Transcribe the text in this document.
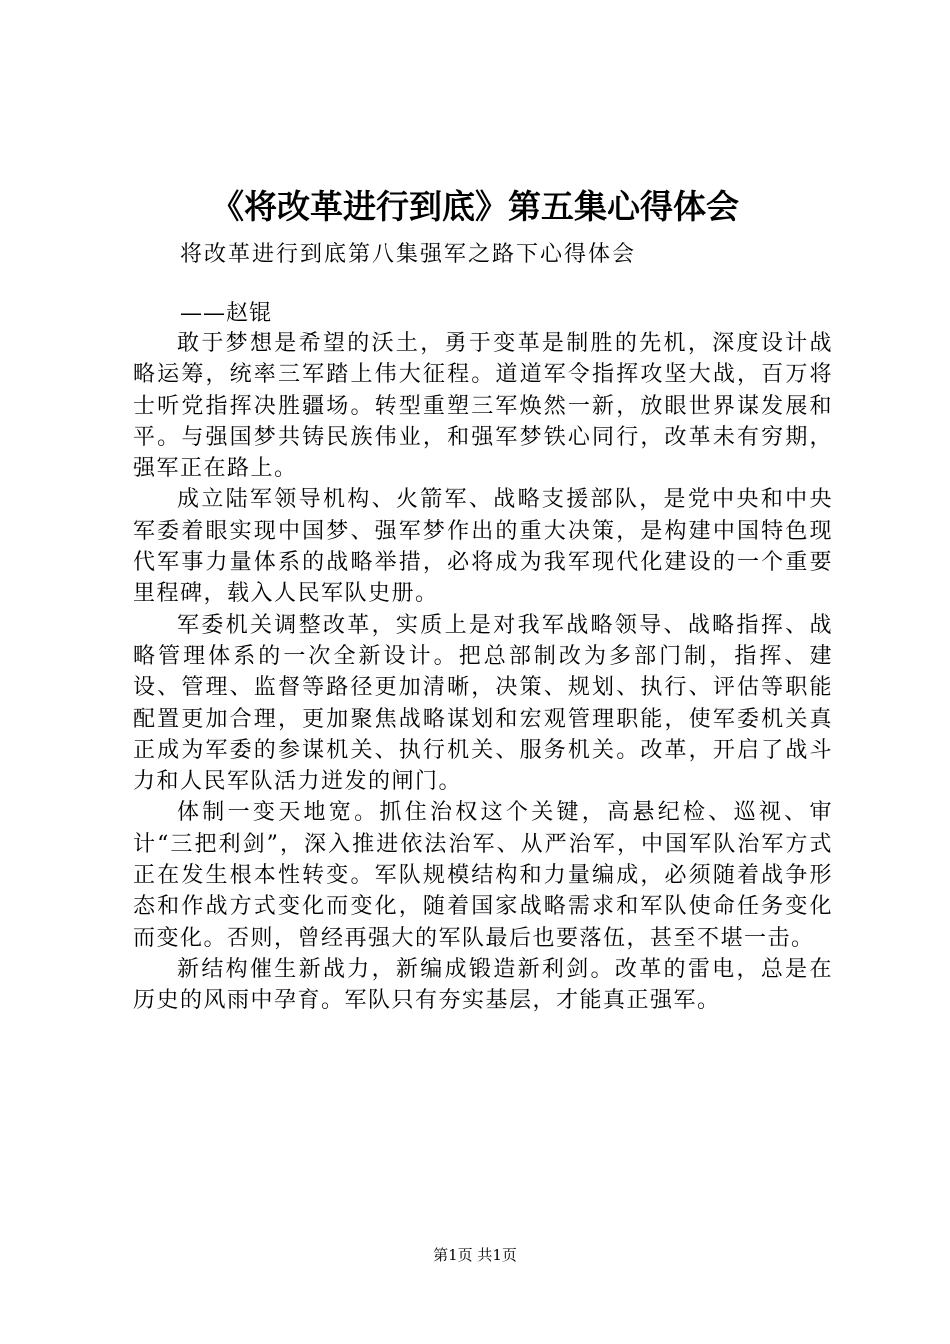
《将改革进行到底》第五集心得体会
将改革进行到底第八集强军之路下心得体会
——赵锟

敢于梦想是希望的沃土，勇于变革是制胜的先机，深度设计战略运筹，统率三军踏上伟大征程。道道军令指挥攻坚大战，百万将士听党指挥决胜疆场。转型重塑三军焕然一新，放眼世界谋发展和平。与强国梦共铸民族伟业，和强军梦铁心同行，改革未有穷期，强军正在路上。

成立陆军领导机构、火箭军、战略支援部队，是党中央和中央军委着眼实现中国梦、强军梦作出的重大决策，是构建中国特色现代军事力量体系的战略举措，必将成为我军现代化建设的一个重要里程碑，载入人民军队史册。

军委机关调整改革，实质上是对我军战略领导、战略指挥、战略管理体系的一次全新设计。把总部制改为多部门制，指挥、建设、管理、监督等路径更加清晰，决策、规划、执行、评估等职能配置更加合理，更加聚焦战略谋划和宏观管理职能，使军委机关真正成为军委的参谋机关、执行机关、服务机关。改革，开启了战斗力和人民军队活力迸发的闸门。

体制一变天地宽。抓住治权这个关键，高悬纪检、巡视、审计“三把利剑”，深入推进依法治军、从严治军，中国军队治军方式正在发生根本性转变。军队规模结构和力量编成，必须随着战争形态和作战方式变化而变化，随着国家战略需求和军队使命任务变化而变化。否则，曾经再强大的军队最后也要落伍，甚至不堪一击。

新结构催生新战力，新编成锻造新利剑。改革的雷电，总是在历史的风雨中孕育。军队只有夯实基层，才能真正强军。

第1页 共1页
